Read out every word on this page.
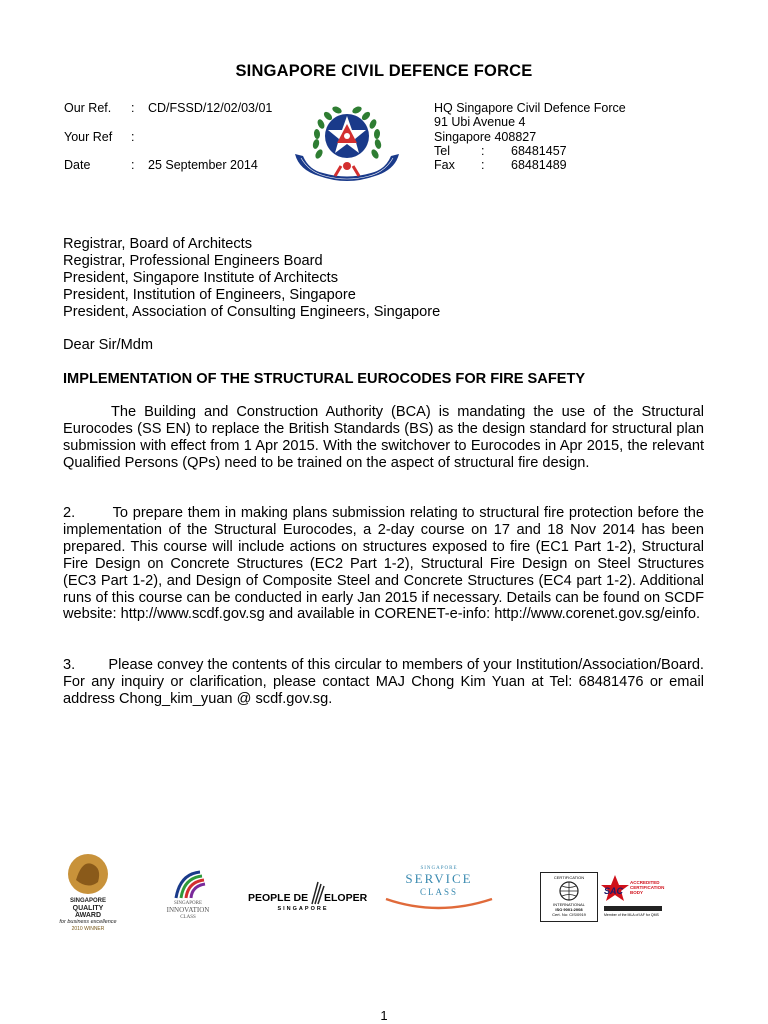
SINGAPORE CIVIL DEFENCE FORCE
Our Ref. : CD/FSSD/12/02/03/01
Your Ref :
Date	: 25 September 2014
HQ Singapore Civil Defence Force
91 Ubi Avenue 4
Singapore 408827
Tel : 68481457
Fax : 68481489
Registrar, Board of Architects
Registrar, Professional Engineers Board
President, Singapore Institute of Architects
President, Institution of Engineers, Singapore
President, Association of Consulting Engineers, Singapore
Dear Sir/Mdm
IMPLEMENTATION OF THE STRUCTURAL EUROCODES FOR FIRE SAFETY
The Building and Construction Authority (BCA) is mandating the use of the Structural Eurocodes (SS EN) to replace the British Standards (BS) as the design standard for structural plan submission with effect from 1 Apr 2015. With the switchover to Eurocodes in Apr 2015, the relevant Qualified Persons (QPs) need to be trained on the aspect of structural fire design.
2.        To prepare them in making plans submission relating to structural fire protection before the implementation of the Structural Eurocodes, a 2-day course on 17 and 18 Nov 2014 has been prepared. This course will include actions on structures exposed to fire (EC1 Part 1-2), Structural Fire Design on Concrete Structures (EC2 Part 1-2), Structural Fire Design on Steel Structures (EC3 Part 1-2), and Design of Composite Steel and Concrete Structures (EC4 part 1-2). Additional runs of this course can be conducted in early Jan 2015 if necessary. Details can be found on SCDF website: http://www.scdf.gov.sg and available in CORENET-e-info: http://www.corenet.gov.sg/einfo.
3.        Please convey the contents of this circular to members of your Institution/Association/Board. For any inquiry or clarification, please contact MAJ Chong Kim Yuan at Tel: 68481476 or email address Chong_kim_yuan @ scdf.gov.sg.
SINGAPORE
QUALITY
AWARD
for business excellence
2010 WINNER
SINGAPORE
INNOVATION
CLASS
PEOPLE DE ELOPER
SINGAPORE
SINGAPORE
SERVICE
CLASS
CERTIFICATION
INTERNATIONAL
ISO 9001:2008
Cert. No: CIS/0919
SAC
ACCREDITED
CERTIFICATION
BODY
Member of the MLA of IAF for QMS
1
